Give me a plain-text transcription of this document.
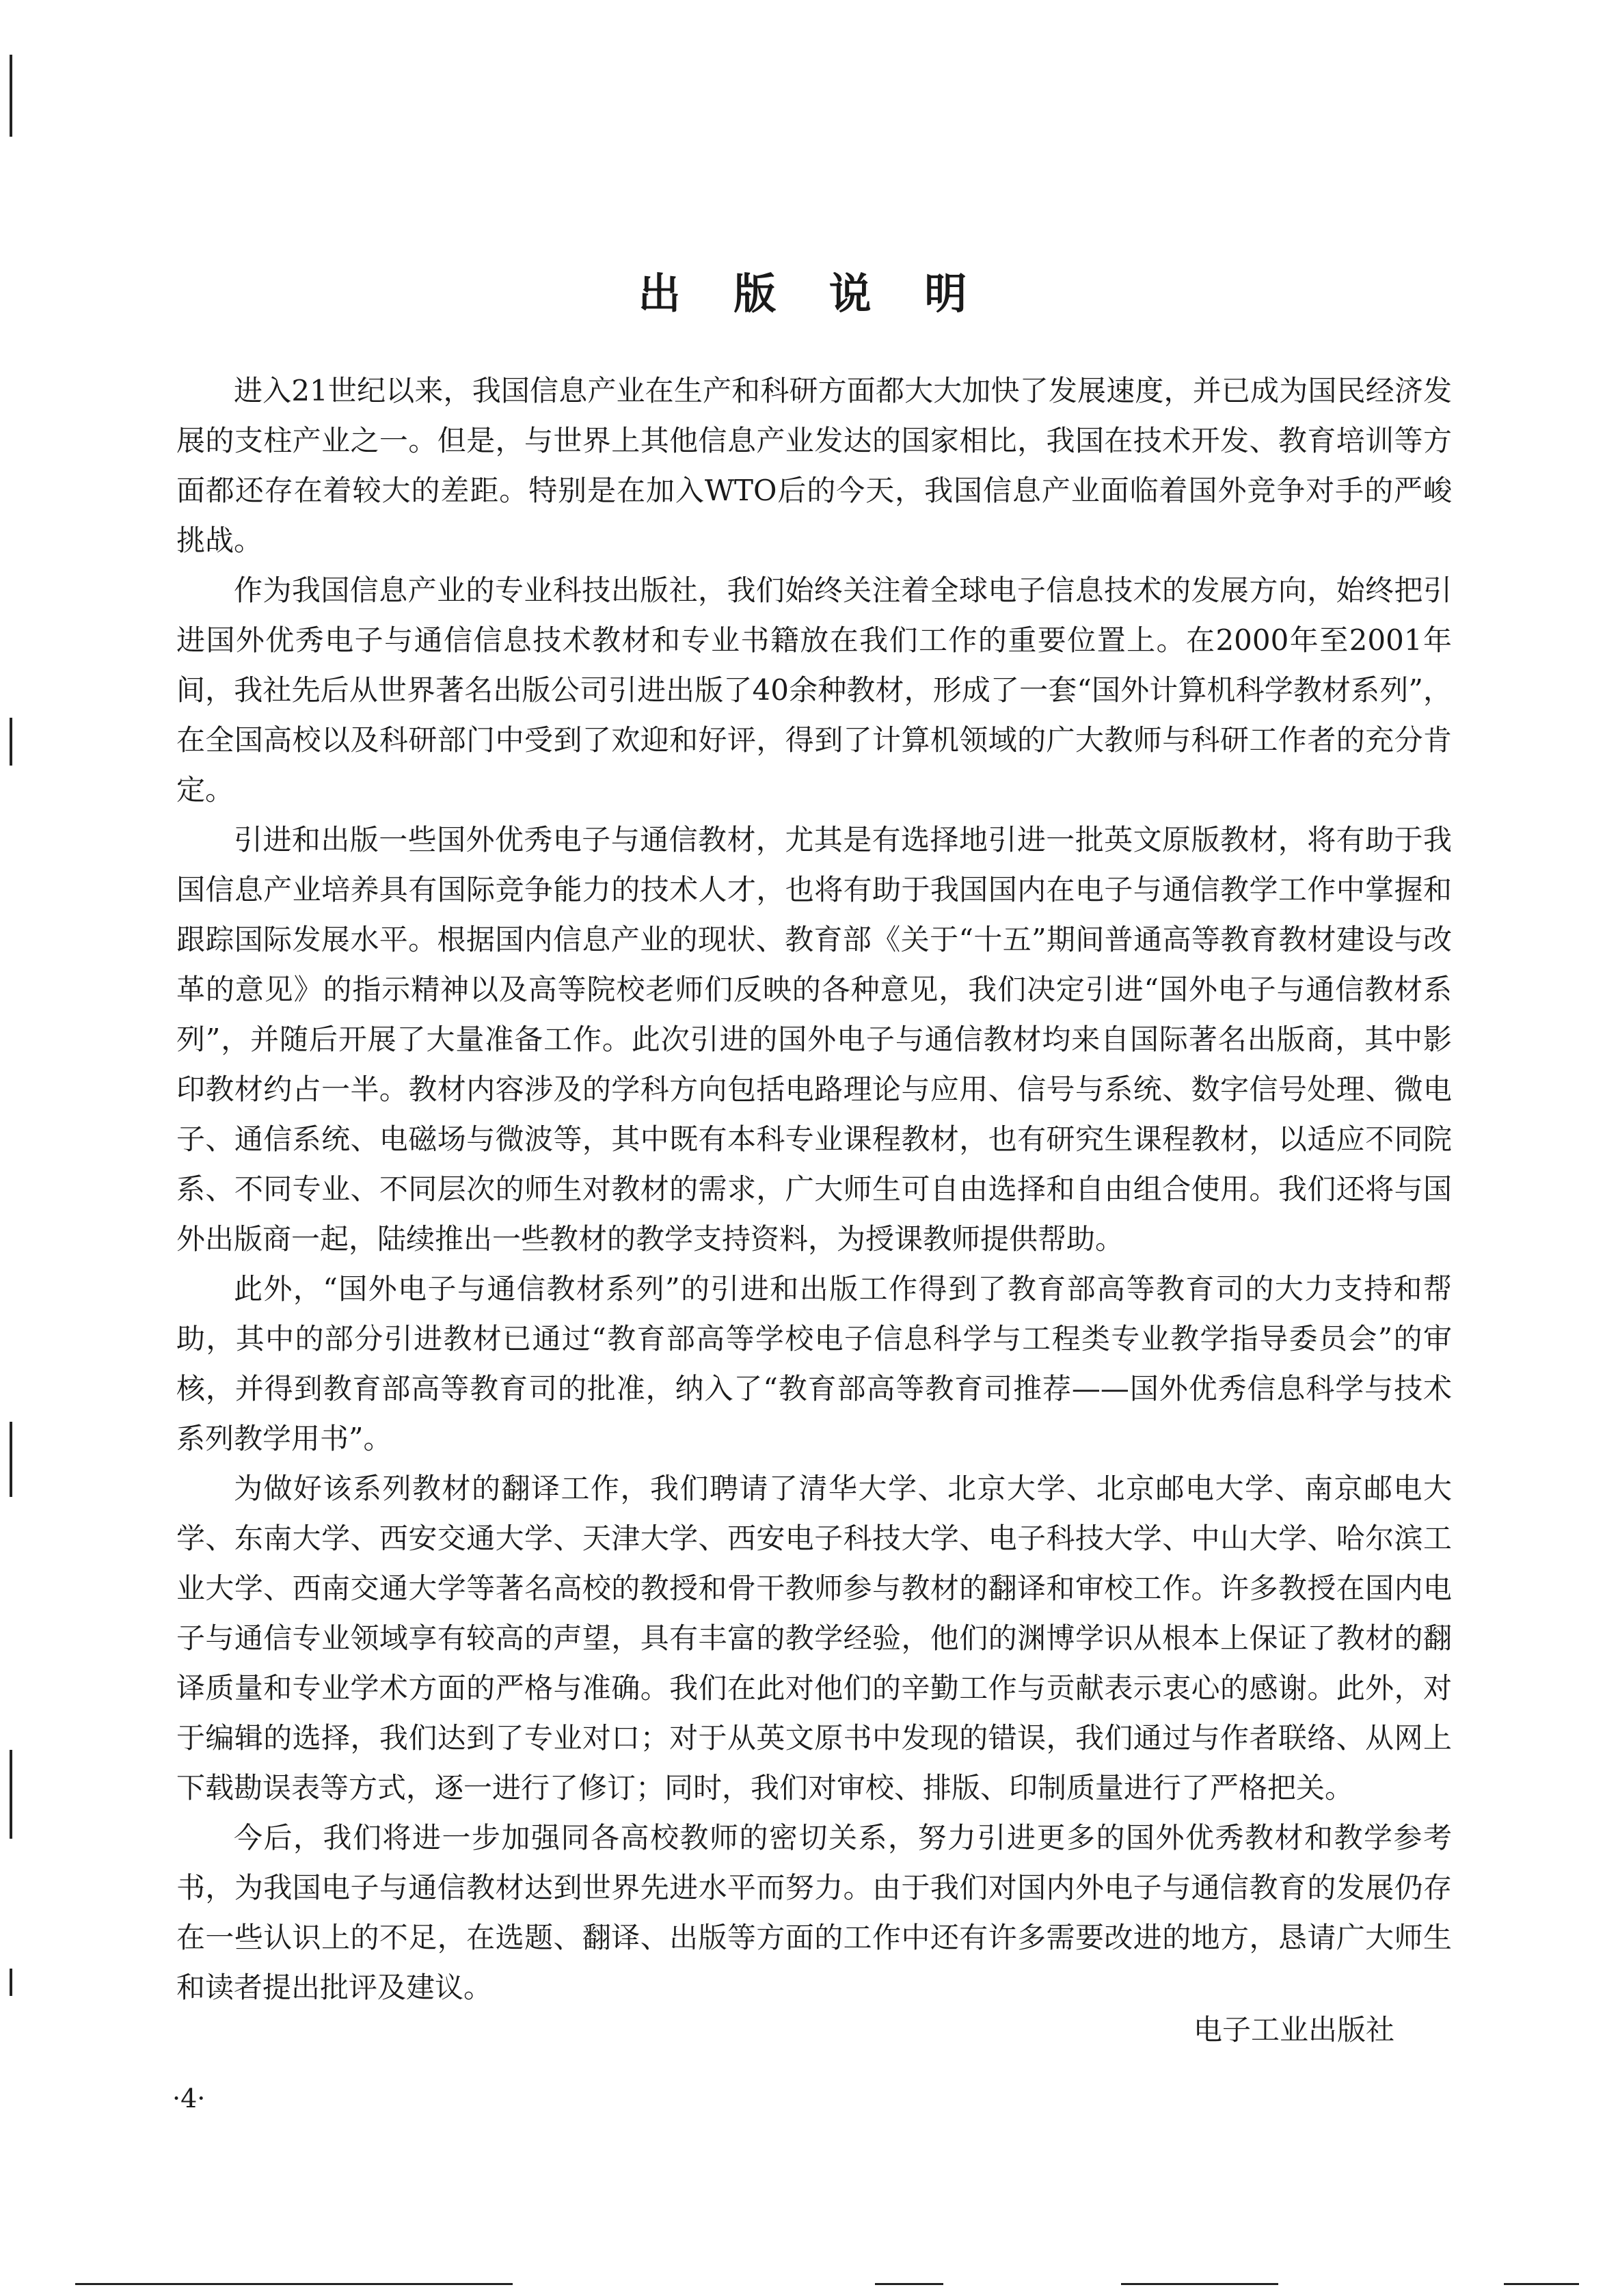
出 版 说 明

进入21世纪以来，我国信息产业在生产和科研方面都大大加快了发展速度，并已成为国民经济发展的支柱产业之一。但是，与世界上其他信息产业发达的国家相比，我国在技术开发、教育培训等方面都还存在着较大的差距。特别是在加入WTO后的今天，我国信息产业面临着国外竞争对手的严峻挑战。

作为我国信息产业的专业科技出版社，我们始终关注着全球电子信息技术的发展方向，始终把引进国外优秀电子与通信信息技术教材和专业书籍放在我们工作的重要位置上。在2000年至2001年间，我社先后从世界著名出版公司引进出版了40余种教材，形成了一套“国外计算机科学教材系列”，在全国高校以及科研部门中受到了欢迎和好评，得到了计算机领域的广大教师与科研工作者的充分肯定。

引进和出版一些国外优秀电子与通信教材，尤其是有选择地引进一批英文原版教材，将有助于我国信息产业培养具有国际竞争能力的技术人才，也将有助于我国国内在电子与通信教学工作中掌握和跟踪国际发展水平。根据国内信息产业的现状、教育部《关于“十五”期间普通高等教育教材建设与改革的意见》的指示精神以及高等院校老师们反映的各种意见，我们决定引进“国外电子与通信教材系列”，并随后开展了大量准备工作。此次引进的国外电子与通信教材均来自国际著名出版商，其中影印教材约占一半。教材内容涉及的学科方向包括电路理论与应用、信号与系统、数字信号处理、微电子、通信系统、电磁场与微波等，其中既有本科专业课程教材，也有研究生课程教材，以适应不同院系、不同专业、不同层次的师生对教材的需求，广大师生可自由选择和自由组合使用。我们还将与国外出版商一起，陆续推出一些教材的教学支持资料，为授课教师提供帮助。

此外，“国外电子与通信教材系列”的引进和出版工作得到了教育部高等教育司的大力支持和帮助，其中的部分引进教材已通过“教育部高等学校电子信息科学与工程类专业教学指导委员会”的审核，并得到教育部高等教育司的批准，纳入了“教育部高等教育司推荐——国外优秀信息科学与技术系列教学用书”。

为做好该系列教材的翻译工作，我们聘请了清华大学、北京大学、北京邮电大学、南京邮电大学、东南大学、西安交通大学、天津大学、西安电子科技大学、电子科技大学、中山大学、哈尔滨工业大学、西南交通大学等著名高校的教授和骨干教师参与教材的翻译和审校工作。许多教授在国内电子与通信专业领域享有较高的声望，具有丰富的教学经验，他们的渊博学识从根本上保证了教材的翻译质量和专业学术方面的严格与准确。我们在此对他们的辛勤工作与贡献表示衷心的感谢。此外，对于编辑的选择，我们达到了专业对口；对于从英文原书中发现的错误，我们通过与作者联络、从网上下载勘误表等方式，逐一进行了修订；同时，我们对审校、排版、印制质量进行了严格把关。

今后，我们将进一步加强同各高校教师的密切关系，努力引进更多的国外优秀教材和教学参考书，为我国电子与通信教材达到世界先进水平而努力。由于我们对国内外电子与通信教育的发展仍存在一些认识上的不足，在选题、翻译、出版等方面的工作中还有许多需要改进的地方，恳请广大师生和读者提出批评及建议。

电子工业出版社
·4·
